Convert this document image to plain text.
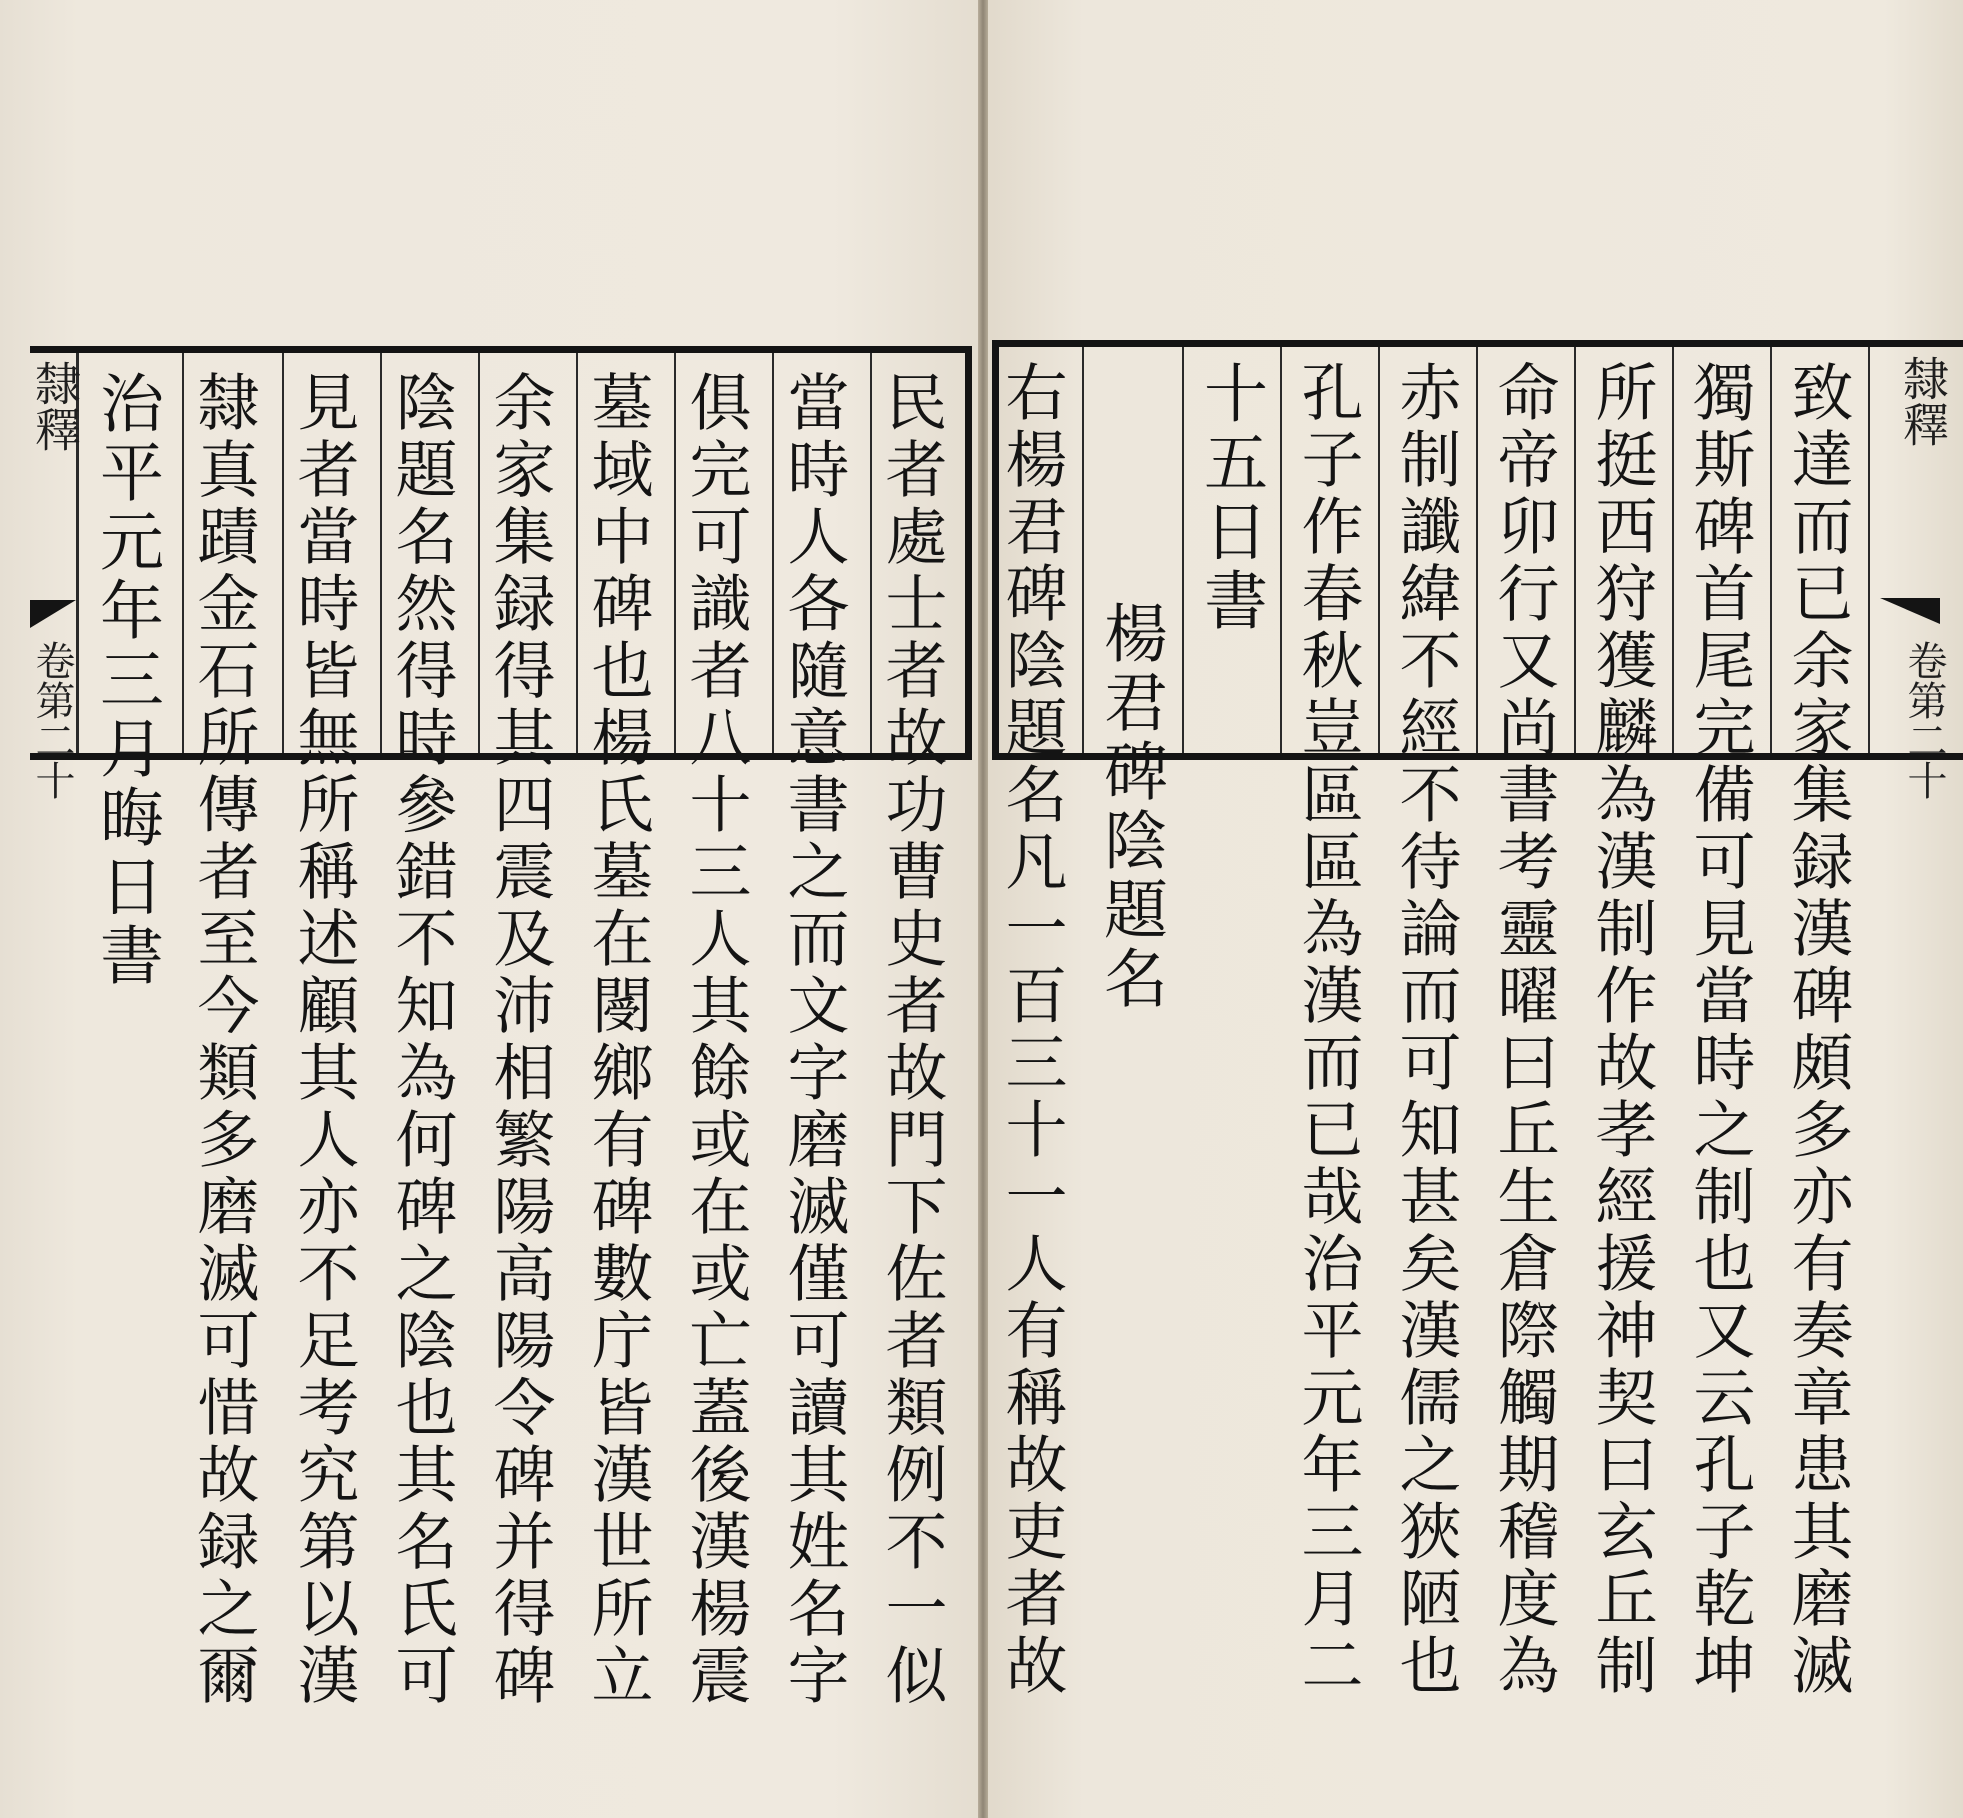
隸釋
卷第二十	民者處士者故功曹史者故門下佐者類例不一似
當時人各隨意書之而文字磨滅僅可讀其姓名字
俱完可識者八十三人其餘或在或亡蓋後漢楊震
墓域中碑也楊氏墓在閿鄉有碑數庁皆漢世所立
余家集録得其四震及沛相繁陽高陽令碑并得碑
陰題名然得時參錯不知為何碑之陰也其名氏可
見者當時皆無所稱述顧其人亦不足考究第以漢
隸真蹟金石所傳者至今類多磨滅可惜故録之爾
治平元年三月晦日書	隸釋
卷第二十
致達而已余家集録漢碑頗多亦有奏章患其磨滅
獨斯碑首尾完備可見當時之制也又云孔子乾坤
所挺西狩獲麟為漢制作故孝經援神契曰玄丘制
命帝卯行又尚書考靈曜曰丘生倉際觸期稽度為
赤制讖緯不經不待論而可知甚矣漢儒之狹陋也
孔子作春秋豈區區為漢而已哉治平元年三月二
十五日書
楊君碑陰題名
右楊君碑陰題名凡一百三十一人有稱故吏者故
